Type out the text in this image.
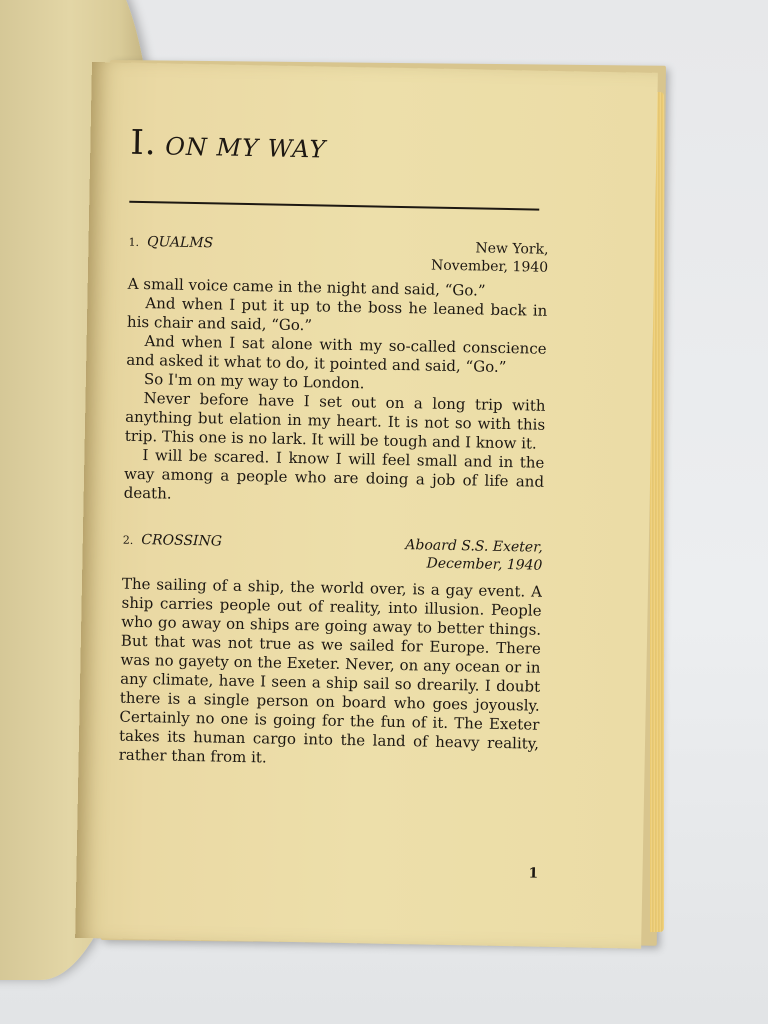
I. ON MY WAY
1. QUALMS	New York,
November, 1940

A small voice came in the night and said, “Go.”

And when I put it up to the boss he leaned back in his chair and said, “Go.”

And when I sat alone with my so-called conscience and asked it what to do, it pointed and said, “Go.”

So I'm on my way to London.

Never before have I set out on a long trip with anything but elation in my heart. It is not so with this trip. This one is no lark. It will be tough and I know it.

I will be scared. I know I will feel small and in the way among a people who are doing a job of life and death.

2. CROSSING	Aboard S.S. Exeter,
December, 1940

The sailing of a ship, the world over, is a gay event. A ship carries people out of reality, into illusion. People who go away on ships are going away to better things. But that was not true as we sailed for Europe. There was no gayety on the Exeter. Never, on any ocean or in any climate, have I seen a ship sail so drearily. I doubt there is a single person on board who goes joyously. Certainly no one is going for the fun of it. The Exeter takes its human cargo into the land of heavy reality, rather than from it.

1
